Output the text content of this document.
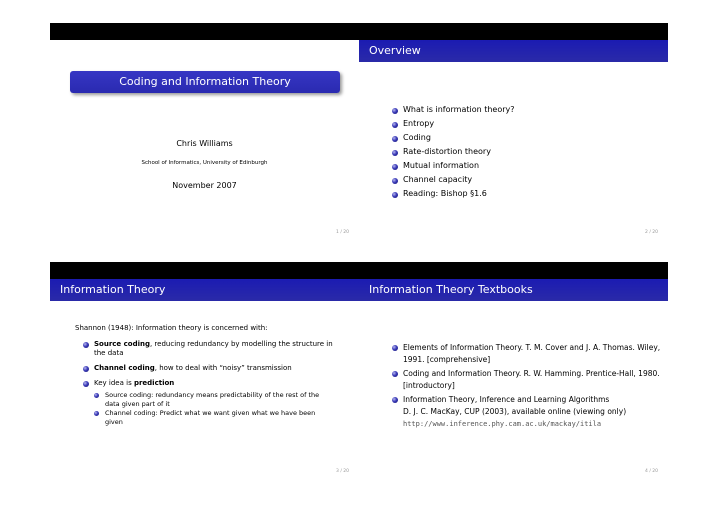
Coding and Information Theory
Chris Williams
School of Informatics, University of Edinburgh
November 2007
1 / 20
Overview
What is information theory?
Entropy
Coding
Rate-distortion theory
Mutual information
Channel capacity
Reading: Bishop §1.6
2 / 20
Information Theory
Shannon (1948): Information theory is concerned with:
Source coding, reducing redundancy by modelling the structure in the data
Channel coding, how to deal with “noisy” transmission
Key idea is prediction
Source coding: redundancy means predictability of the rest of the data given part of it
Channel coding: Predict what we want given what we have been given
3 / 20
Information Theory Textbooks
Elements of Information Theory. T. M. Cover and J. A. Thomas. Wiley, 1991. [comprehensive]
Coding and Information Theory. R. W. Hamming. Prentice-Hall, 1980. [introductory]
Information Theory, Inference and Learning Algorithms
D. J. C. MacKay, CUP (2003), available online (viewing only)
http://www.inference.phy.cam.ac.uk/mackay/itila
4 / 20
